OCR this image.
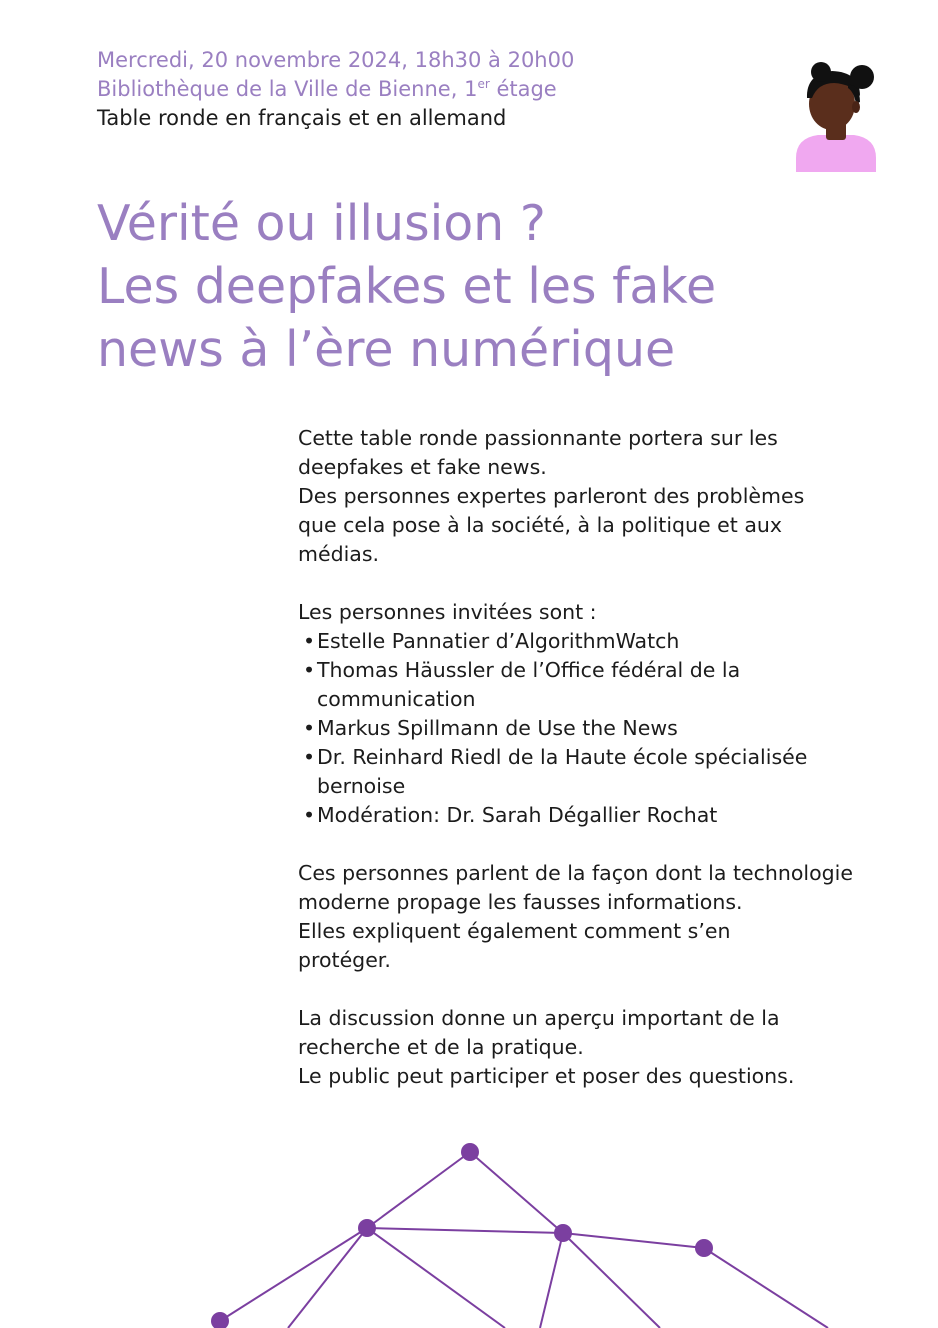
Mercredi, 20 novembre 2024, 18h30 à 20h00
Bibliothèque de la Ville de Bienne, 1er étage
Table ronde en français et en allemand
Vérité ou illusion ?
Les deepfakes et les fake
news à l’ère numérique

Cette table ronde passionnante portera sur les
deepfakes et fake news.
Des personnes expertes parleront des problèmes
que cela pose à la société, à la politique et aux
médias.

Les personnes invitées sont :

• Estelle Pannatier d’AlgorithmWatch
• Thomas Häussler de l’Office fédéral de la communication
• Markus Spillmann de Use the News
• Dr. Reinhard Riedl de la Haute école spécialisée bernoise
• Modération: Dr. Sarah Dégallier Rochat

Ces personnes parlent de la façon dont la technologie
moderne propage les fausses informations.
Elles expliquent également comment s’en
protéger.

La discussion donne un aperçu important de la
recherche et de la pratique.
Le public peut participer et poser des questions.
